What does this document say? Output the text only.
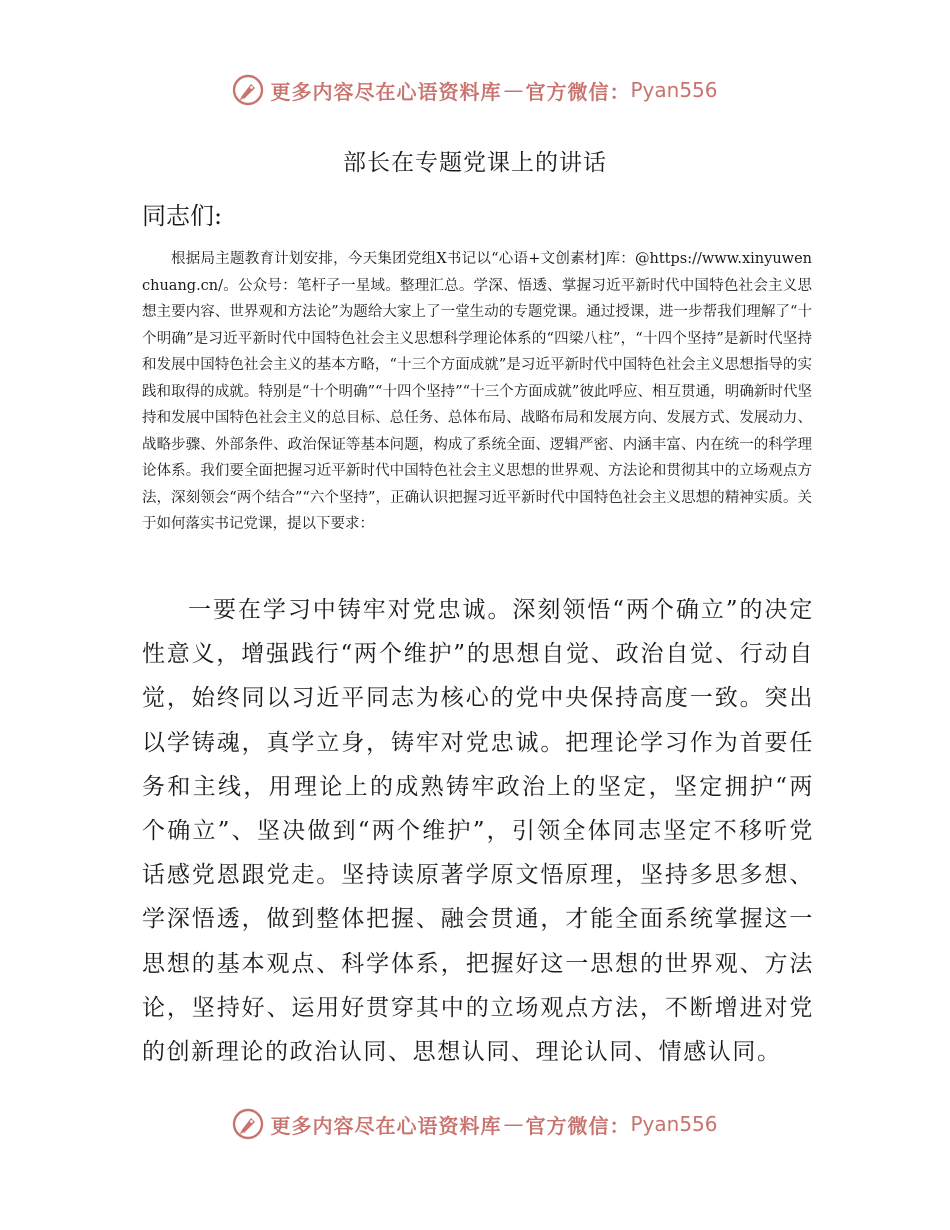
更多内容尽在心语资料库 — 官方微信： Pyan556
部长在专题党课上的讲话

同志们:

根据局主题教育计划安排，今天集团党组X书记以“心语+文创素材]库：@https://www.xinyuwenchuang.cn/。公众号：笔杆子一星域。整理汇总。学深、悟透、掌握习近平新时代中国特色社会主义思想主要内容、世界观和方法论”为题给大家上了一堂生动的专题党课。通过授课，进一步帮我们理解了“十个明确”是习近平新时代中国特色社会主义思想科学理论体系的“四梁八柱”，“十四个坚持”是新时代坚持和发展中国特色社会主义的基本方略，“十三个方面成就”是习近平新时代中国特色社会主义思想指导的实践和取得的成就。特别是“十个明确”“十四个坚持”“十三个方面成就”彼此呼应、相互贯通，明确新时代坚持和发展中国特色社会主义的总目标、总任务、总体布局、战略布局和发展方向、发展方式、发展动力、战略步骤、外部条件、政治保证等基本问题，构成了系统全面、逻辑严密、内涵丰富、内在统一的科学理论体系。我们要全面把握习近平新时代中国特色社会主义思想的世界观、方法论和贯彻其中的立场观点方法，深刻领会“两个结合”“六个坚持”，正确认识把握习近平新时代中国特色社会主义思想的精神实质。关于如何落实书记党课，提以下要求：

一要在学习中铸牢对党忠诚。深刻领悟“两个确立”的决定性意义，增强践行“两个维护”的思想自觉、政治自觉、行动自觉，始终同以习近平同志为核心的党中央保持高度一致。突出以学铸魂，真学立身，铸牢对党忠诚。把理论学习作为首要任务和主线，用理论上的成熟铸牢政治上的坚定，坚定拥护“两个确立”、坚决做到“两个维护”，引领全体同志坚定不移听党话感党恩跟党走。坚持读原著学原文悟原理，坚持多思多想、学深悟透，做到整体把握、融会贯通，才能全面系统掌握这一思想的基本观点、科学体系，把握好这一思想的世界观、方法论，坚持好、运用好贯穿其中的立场观点方法，不断增进对党的创新理论的政治认同、思想认同、理论认同、情感认同。

更多内容尽在心语资料库 — 官方微信： Pyan556
